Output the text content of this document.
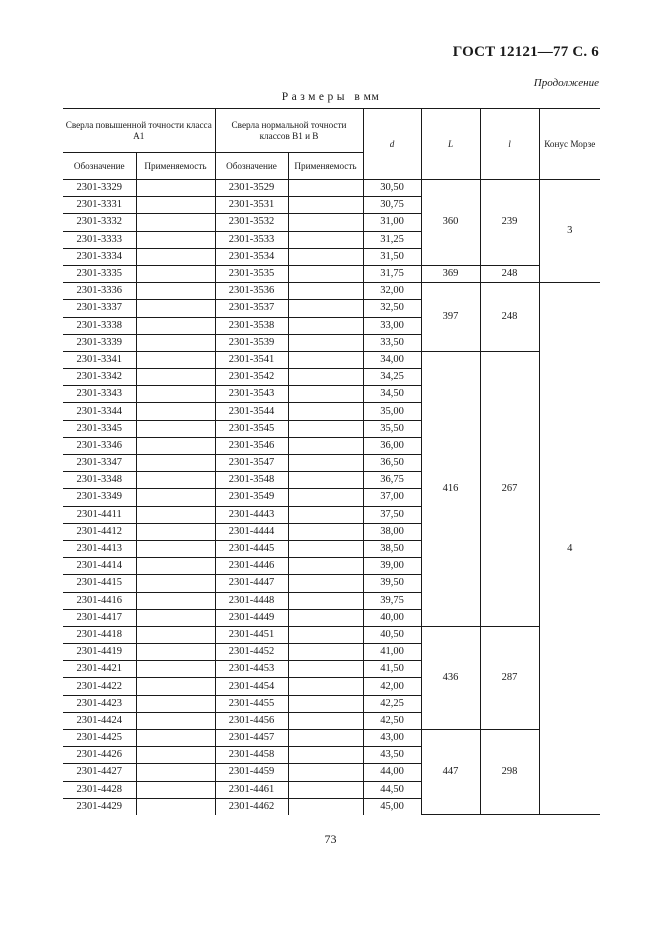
ГОСТ 12121—77 С. 6
Продолжение
Размеры в мм
Сверла повышенной точности класса A1		Сверла нормальной точности классов B1 и B		d	L	l	Конус Морзе
Обозначение	Применяемость	Обозначение	Применяемость				
2301-3329		2301-3529		30,50	360	239	3
2301-3331		2301-3531		30,75			
2301-3332		2301-3532		31,00			
2301-3333		2301-3533		31,25			
2301-3334		2301-3534		31,50			
2301-3335		2301-3535		31,75	369	248	
2301-3336		2301-3536		32,00	397	248	4
2301-3337		2301-3537		32,50			
2301-3338		2301-3538		33,00			
2301-3339		2301-3539		33,50			
2301-3341		2301-3541		34,00	416	267	
2301-3342		2301-3542		34,25			
2301-3343		2301-3543		34,50			
2301-3344		2301-3544		35,00			
2301-3345		2301-3545		35,50			
2301-3346		2301-3546		36,00			
2301-3347		2301-3547		36,50			
2301-3348		2301-3548		36,75			
2301-3349		2301-3549		37,00			
2301-4411		2301-4443		37,50			
2301-4412		2301-4444		38,00			
2301-4413		2301-4445		38,50			
2301-4414		2301-4446		39,00			
2301-4415		2301-4447		39,50			
2301-4416		2301-4448		39,75			
2301-4417		2301-4449		40,00			
2301-4418		2301-4451		40,50	436	287	
2301-4419		2301-4452		41,00			
2301-4421		2301-4453		41,50			
2301-4422		2301-4454		42,00			
2301-4423		2301-4455		42,25			
2301-4424		2301-4456		42,50			
2301-4425		2301-4457		43,00	447	298	
2301-4426		2301-4458		43,50			
2301-4427		2301-4459		44,00			
2301-4428		2301-4461		44,50			
2301-4429		2301-4462		45,00			
73
